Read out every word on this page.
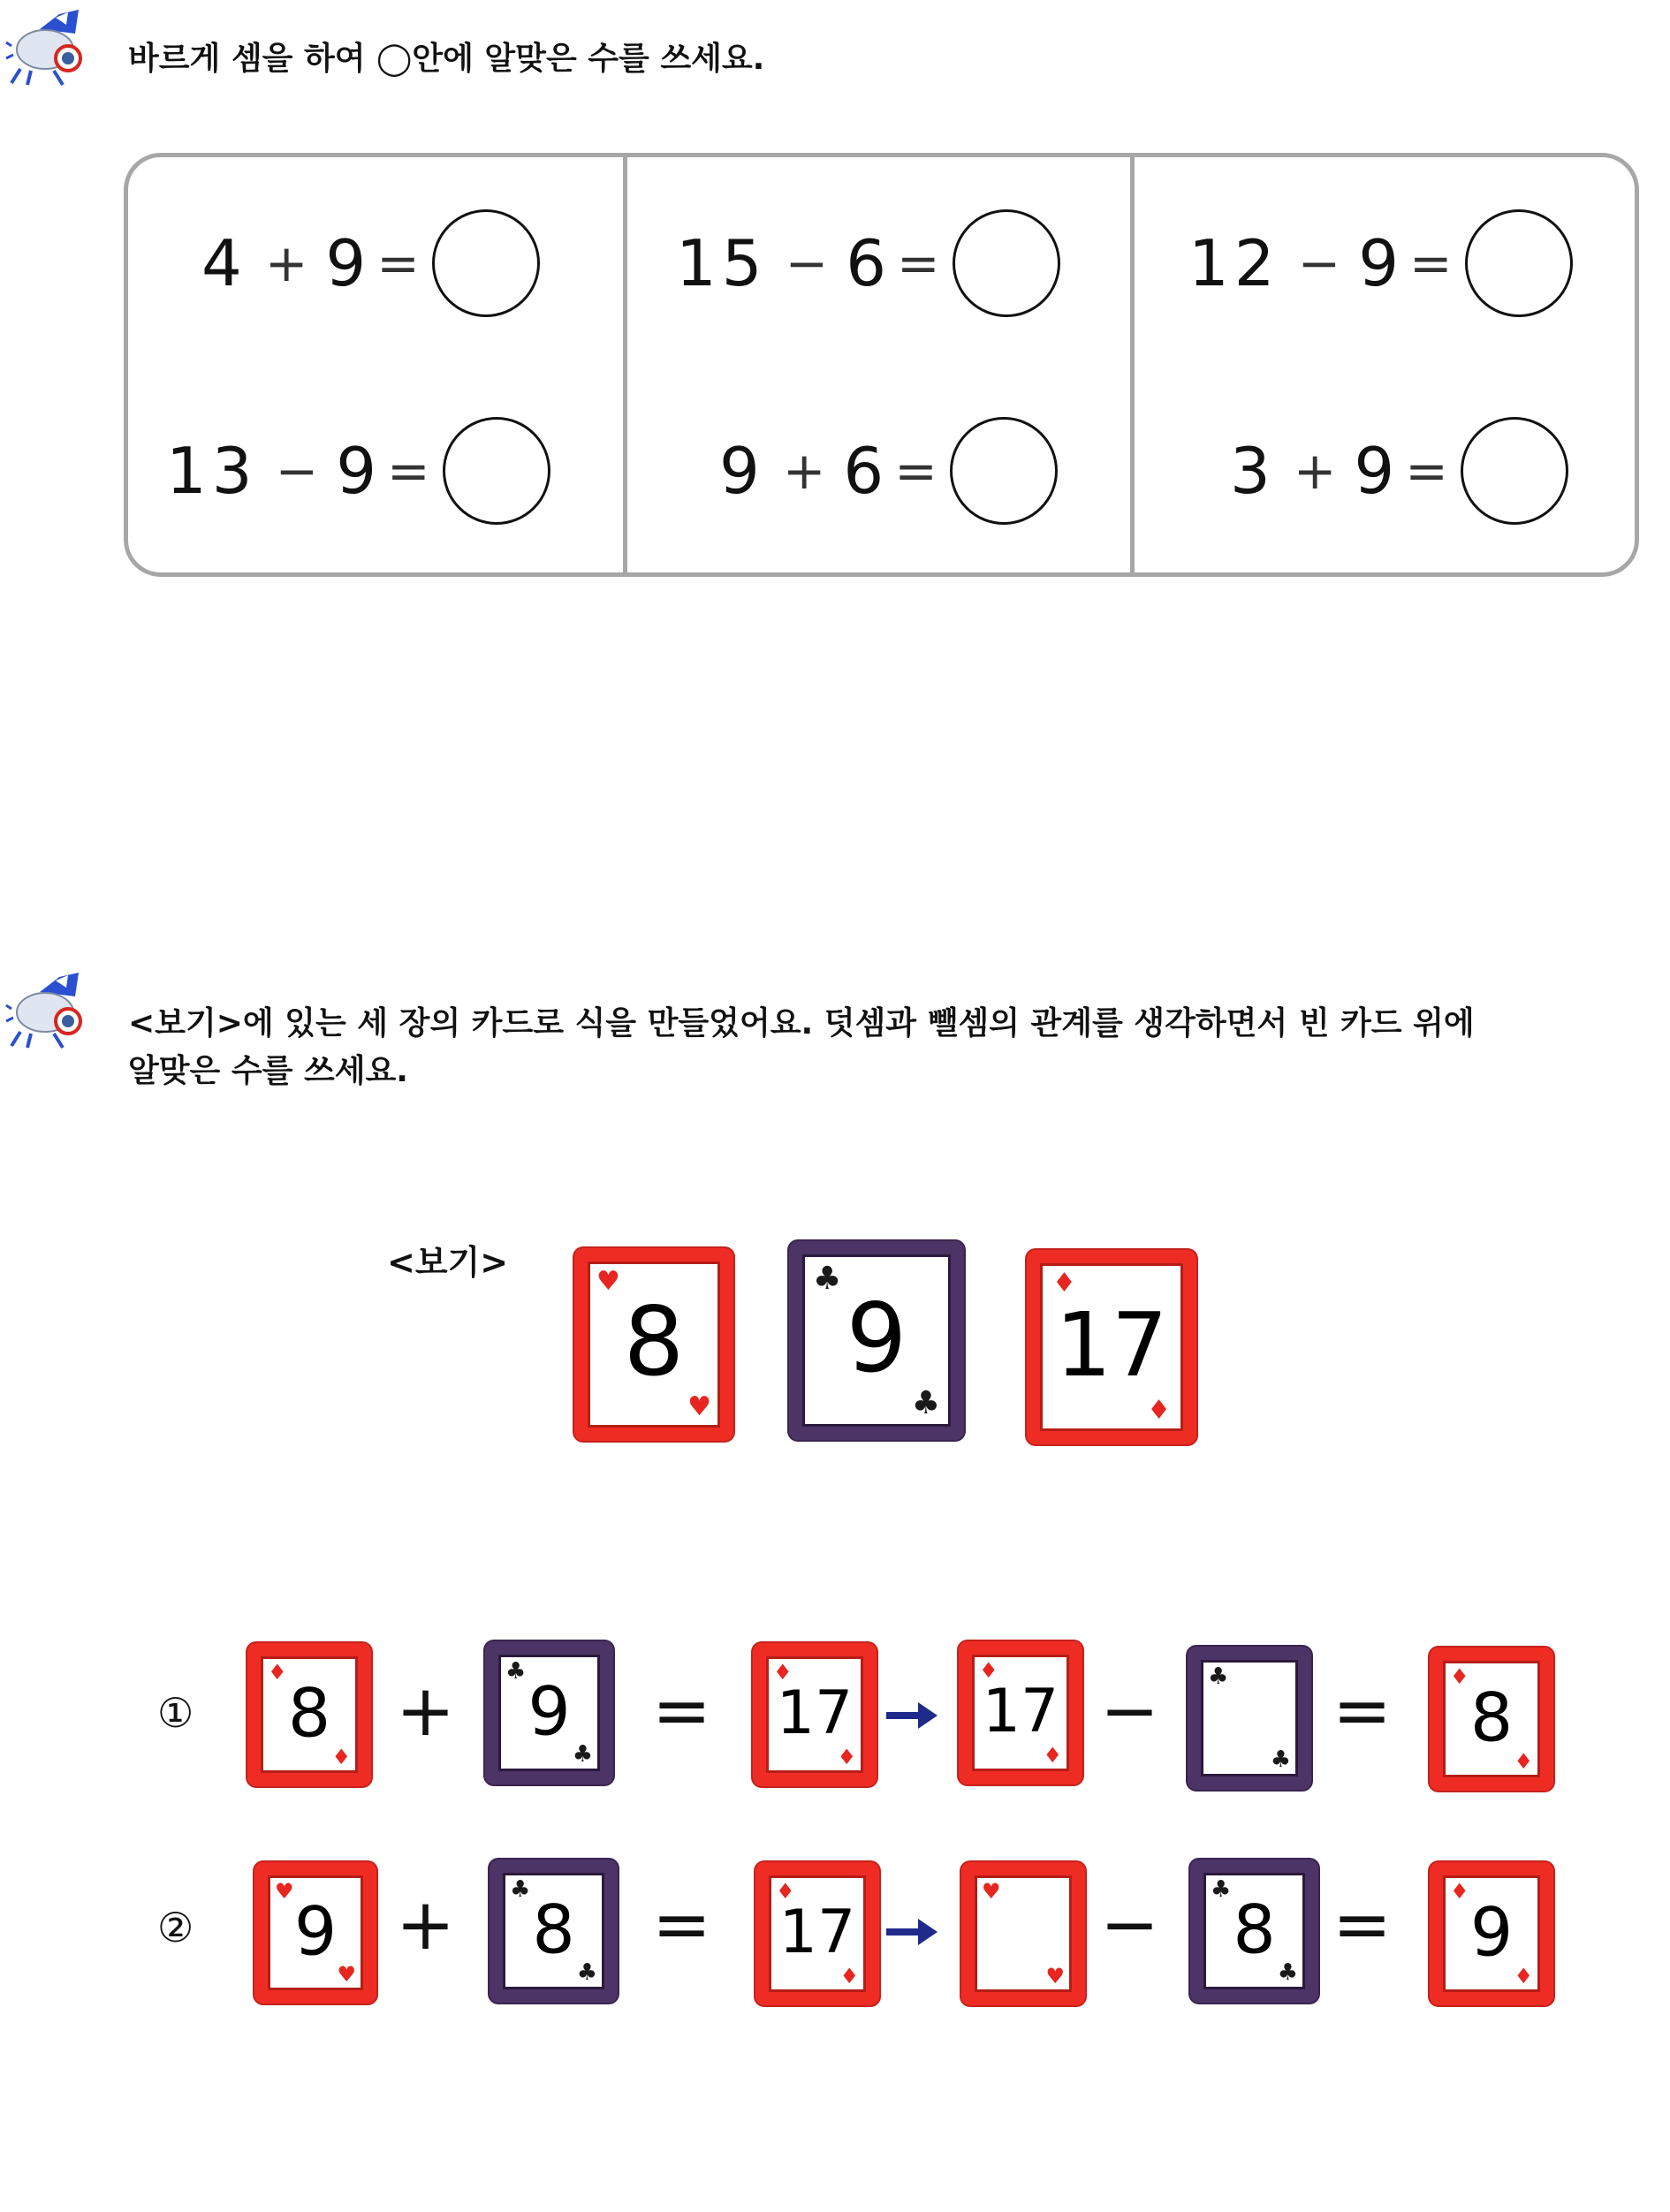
바르게 셈을 하여 ◯안에 알맞은 수를 쓰세요.
4 + 9 =	15 − 6 =	12 − 9 =
13 − 9 =	9 + 6 =	3 + 9 =
<보기>에 있는 세 장의 카드로 식을 만들었어요. 덧셈과 뺄셈의 관계를 생각하면서 빈 카드 위에
알맞은 수를 쓰세요.
<보기>	♥
8
♥
♣
9
♣
♦
17
♦
①
♦
8
♦
+ ♣
9
♣
=	♦
17
♦
♦
17
♦
− ♣
♣
=	♦
8
♦
②
♥
9
♥
+ ♣
8
♣
=	♦
17
♦
♥
♥
− ♣
8
♣
=	♦
9
♦
